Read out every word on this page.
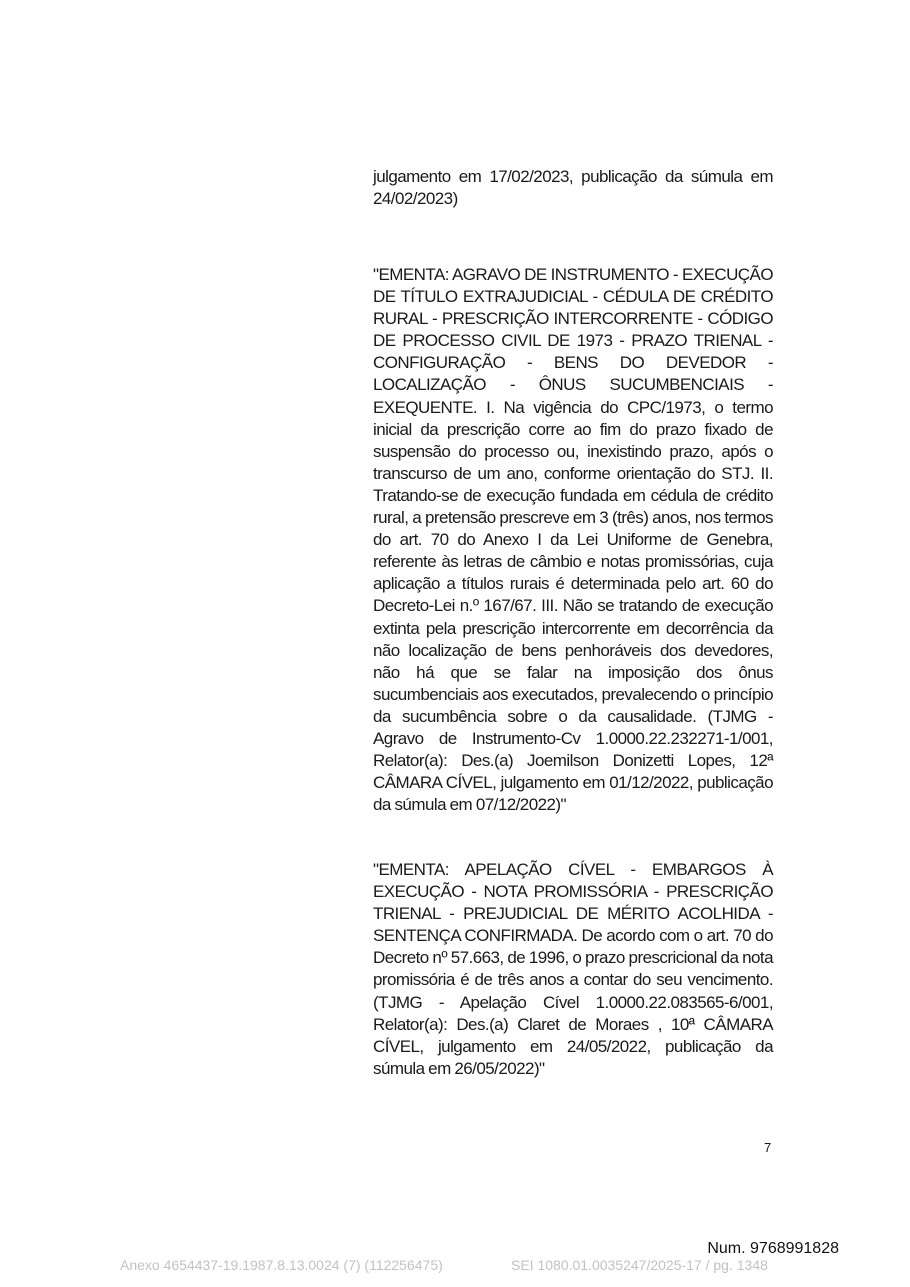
julgamento em 17/02/2023, publicação da súmula em 24/02/2023)

"EMENTA: AGRAVO DE INSTRUMENTO - EXECUÇÃO DE TÍTULO EXTRAJUDICIAL - CÉDULA DE CRÉDITO RURAL - PRESCRIÇÃO INTERCORRENTE - CÓDIGO DE PROCESSO CIVIL DE 1973 - PRAZO TRIENAL - CONFIGURAÇÃO - BENS DO DEVEDOR - LOCALIZAÇÃO - ÔNUS SUCUMBENCIAIS - EXEQUENTE. I. Na vigência do CPC/1973, o termo inicial da prescrição corre ao fim do prazo fixado de suspensão do processo ou, inexistindo prazo, após o transcurso de um ano, conforme orientação do STJ. II. Tratando-se de execução fundada em cédula de crédito rural, a pretensão prescreve em 3 (três) anos, nos termos do art. 70 do Anexo I da Lei Uniforme de Genebra, referente às letras de câmbio e notas promissórias, cuja aplicação a títulos rurais é determinada pelo art. 60 do Decreto-Lei n.º 167/67. III. Não se tratando de execução extinta pela prescrição intercorrente em decorrência da não localização de bens penhoráveis dos devedores, não há que se falar na imposição dos ônus sucumbenciais aos executados, prevalecendo o princípio da sucumbência sobre o da causalidade. (TJMG - Agravo de Instrumento-Cv 1.0000.22.232271-1/001, Relator(a): Des.(a) Joemilson Donizetti Lopes, 12ª CÂMARA CÍVEL, julgamento em 01/12/2022, publicação da súmula em 07/12/2022)"

"EMENTA: APELAÇÃO CÍVEL - EMBARGOS À EXECUÇÃO - NOTA PROMISSÓRIA - PRESCRIÇÃO TRIENAL - PREJUDICIAL DE MÉRITO ACOLHIDA - SENTENÇA CONFIRMADA. De acordo com o art. 70 do Decreto nº 57.663, de 1996, o prazo prescricional da nota promissória é de três anos a contar do seu vencimento. (TJMG - Apelação Cível 1.0000.22.083565-6/001, Relator(a): Des.(a) Claret de Moraes , 10ª CÂMARA CÍVEL, julgamento em 24/05/2022, publicação da súmula em 26/05/2022)"

7
Num. 9768991828
Anexo 4654437-19.1987.8.13.0024 (7) (112256475)	SEI 1080.01.0035247/2025-17 / pg. 1348
